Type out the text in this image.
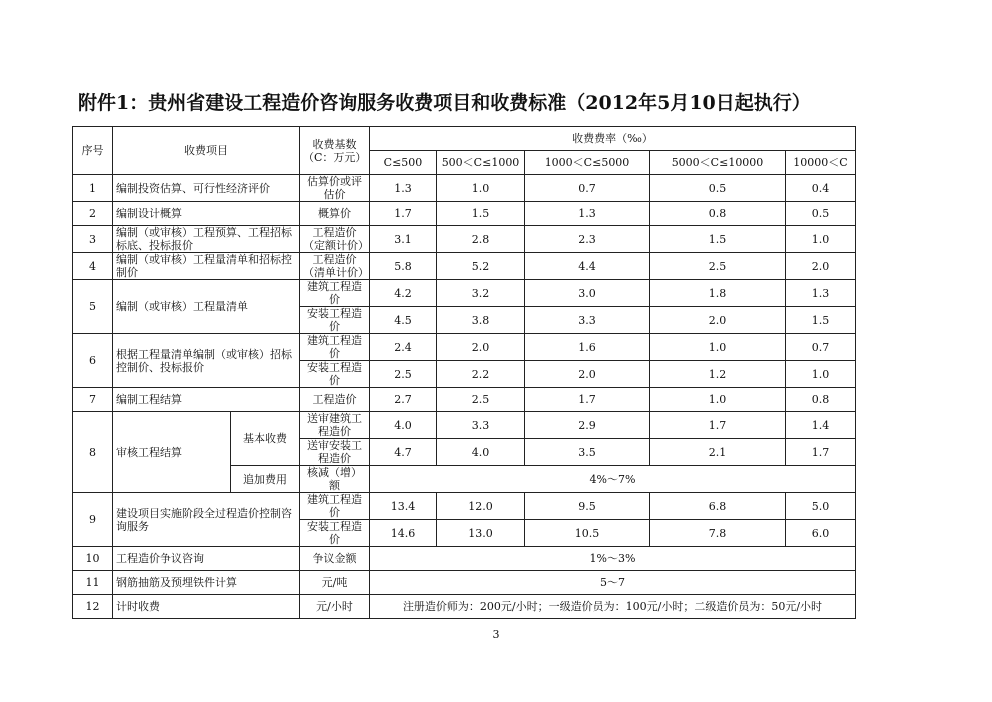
附件1：贵州省建设工程造价咨询服务收费项目和收费标准（2012年5月10日起执行）
序号	收费项目		收费基数（C：万元）	收费费率（‰）				
				C≤500	500＜C≤1000	1000＜C≤5000	5000＜C≤10000	10000＜C
1	编制投资估算、可行性经济评价		估算价或评估价	1.3	1.0	0.7	0.5	0.4
2	编制设计概算		概算价	1.7	1.5	1.3	0.8	0.5
3	编制（或审核）工程预算、工程招标标底、投标报价		工程造价（定额计价）	3.1	2.8	2.3	1.5	1.0
4	编制（或审核）工程量清单和招标控制价		工程造价（清单计价）	5.8	5.2	4.4	2.5	2.0
5	编制（或审核）工程量清单		建筑工程造价	4.2	3.2	3.0	1.8	1.3
			安装工程造价	4.5	3.8	3.3	2.0	1.5
6	根据工程量清单编制（或审核）招标控制价、投标报价		建筑工程造价	2.4	2.0	1.6	1.0	0.7
			安装工程造价	2.5	2.2	2.0	1.2	1.0
7	编制工程结算		工程造价	2.7	2.5	1.7	1.0	0.8
8	审核工程结算	基本收费	送审建筑工程造价	4.0	3.3	2.9	1.7	1.4
			送审安装工程造价	4.7	4.0	3.5	2.1	1.7
		追加费用	核减（增）额	4%～7%				
9	建设项目实施阶段全过程造价控制咨询服务		建筑工程造价	13.4	12.0	9.5	6.8	5.0
			安装工程造价	14.6	13.0	10.5	7.8	6.0
10	工程造价争议咨询		争议金额	1%～3%				
11	钢筋抽筋及预埋铁件计算		元/吨	5～7				
12	计时收费		元/小时	注册造价师为：200元/小时；一级造价员为：100元/小时；二级造价员为：50元/小时				
3
